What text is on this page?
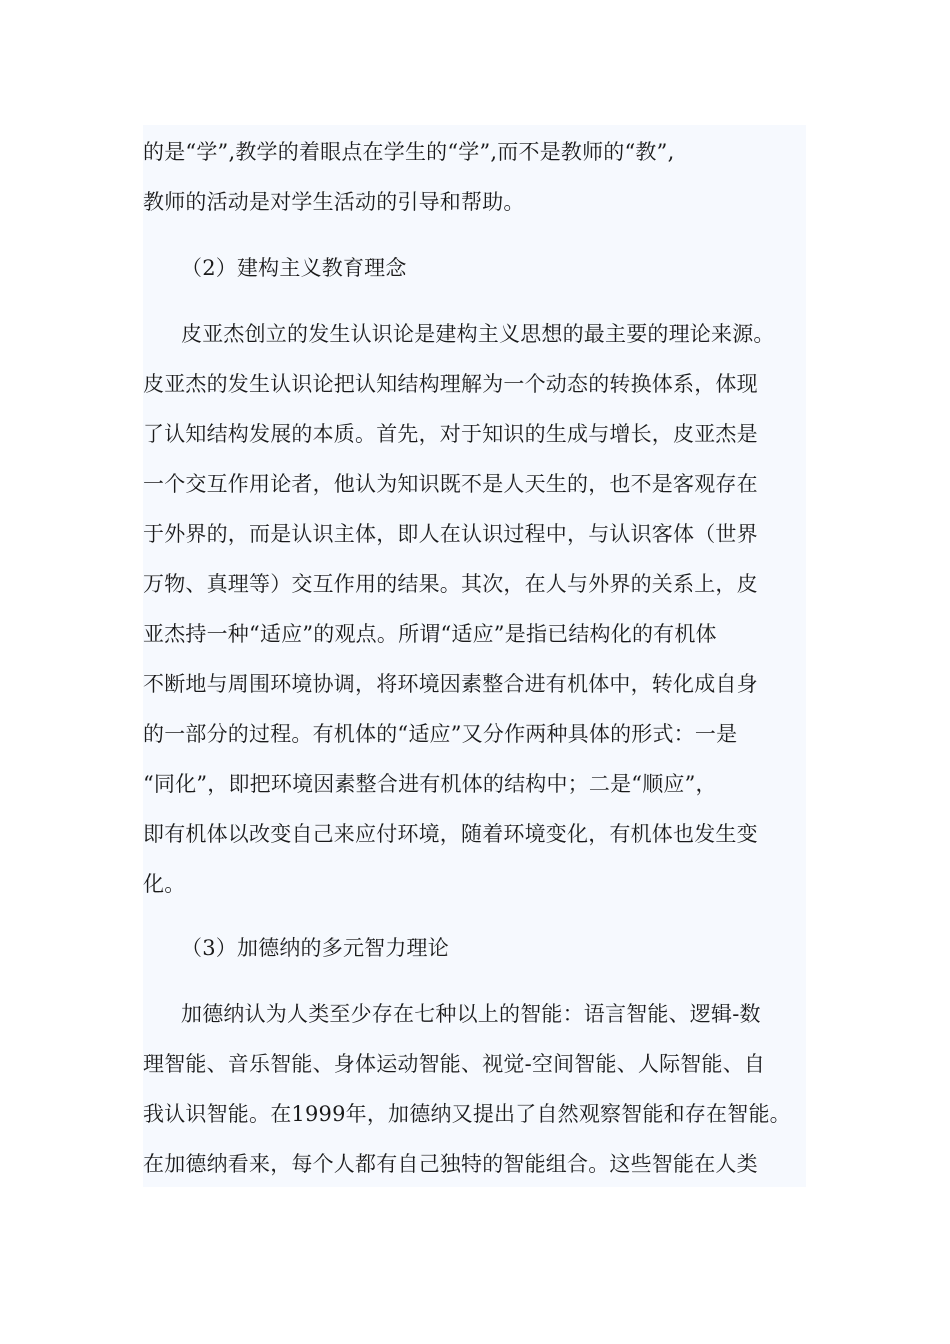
的是“学”,教学的着眼点在学生的“学”,而不是教师的“教”,
教师的活动是对学生活动的引导和帮助。
（2）建构主义教育理念
皮亚杰创立的发生认识论是建构主义思想的最主要的理论来源。
皮亚杰的发生认识论把认知结构理解为一个动态的转换体系，体现
了认知结构发展的本质。首先，对于知识的生成与增长，皮亚杰是
一个交互作用论者，他认为知识既不是人天生的，也不是客观存在
于外界的，而是认识主体，即人在认识过程中，与认识客体（世界
万物、真理等）交互作用的结果。其次，在人与外界的关系上，皮
亚杰持一种“适应”的观点。所谓“适应”是指已结构化的有机体
不断地与周围环境协调，将环境因素整合进有机体中，转化成自身
的一部分的过程。有机体的“适应”又分作两种具体的形式：一是
“同化”，即把环境因素整合进有机体的结构中；二是“顺应”，
即有机体以改变自己来应付环境，随着环境变化，有机体也发生变
化。
（3）加德纳的多元智力理论
加德纳认为人类至少存在七种以上的智能：语言智能、逻辑-数
理智能、音乐智能、身体运动智能、视觉-空间智能、人际智能、自
我认识智能。在1999年，加德纳又提出了自然观察智能和存在智能。
在加德纳看来，每个人都有自己独特的智能组合。这些智能在人类
